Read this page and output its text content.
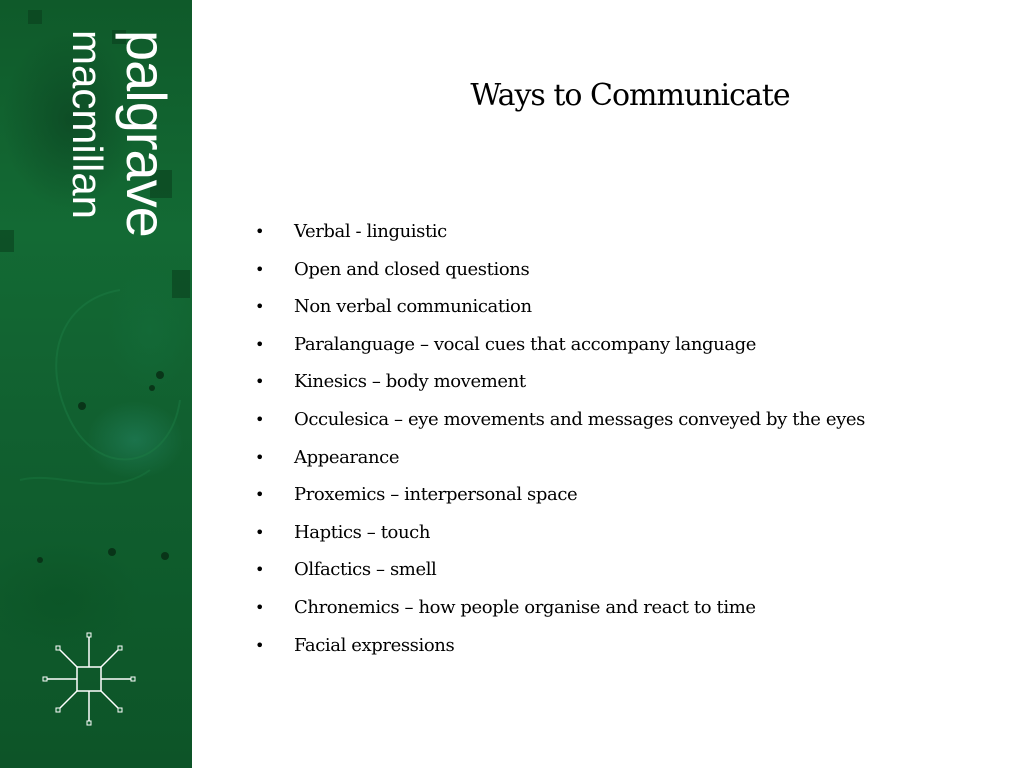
palgrave
macmillan	Ways to Communicate
• Verbal - linguistic
• Open and closed questions
• Non verbal communication
• Paralanguage – vocal cues that accompany language
• Kinesics – body movement
• Occulesica – eye movements and messages conveyed by the eyes
• Appearance
• Proxemics – interpersonal space
• Haptics – touch
• Olfactics – smell
• Chronemics – how people organise and react to time
• Facial expressions
